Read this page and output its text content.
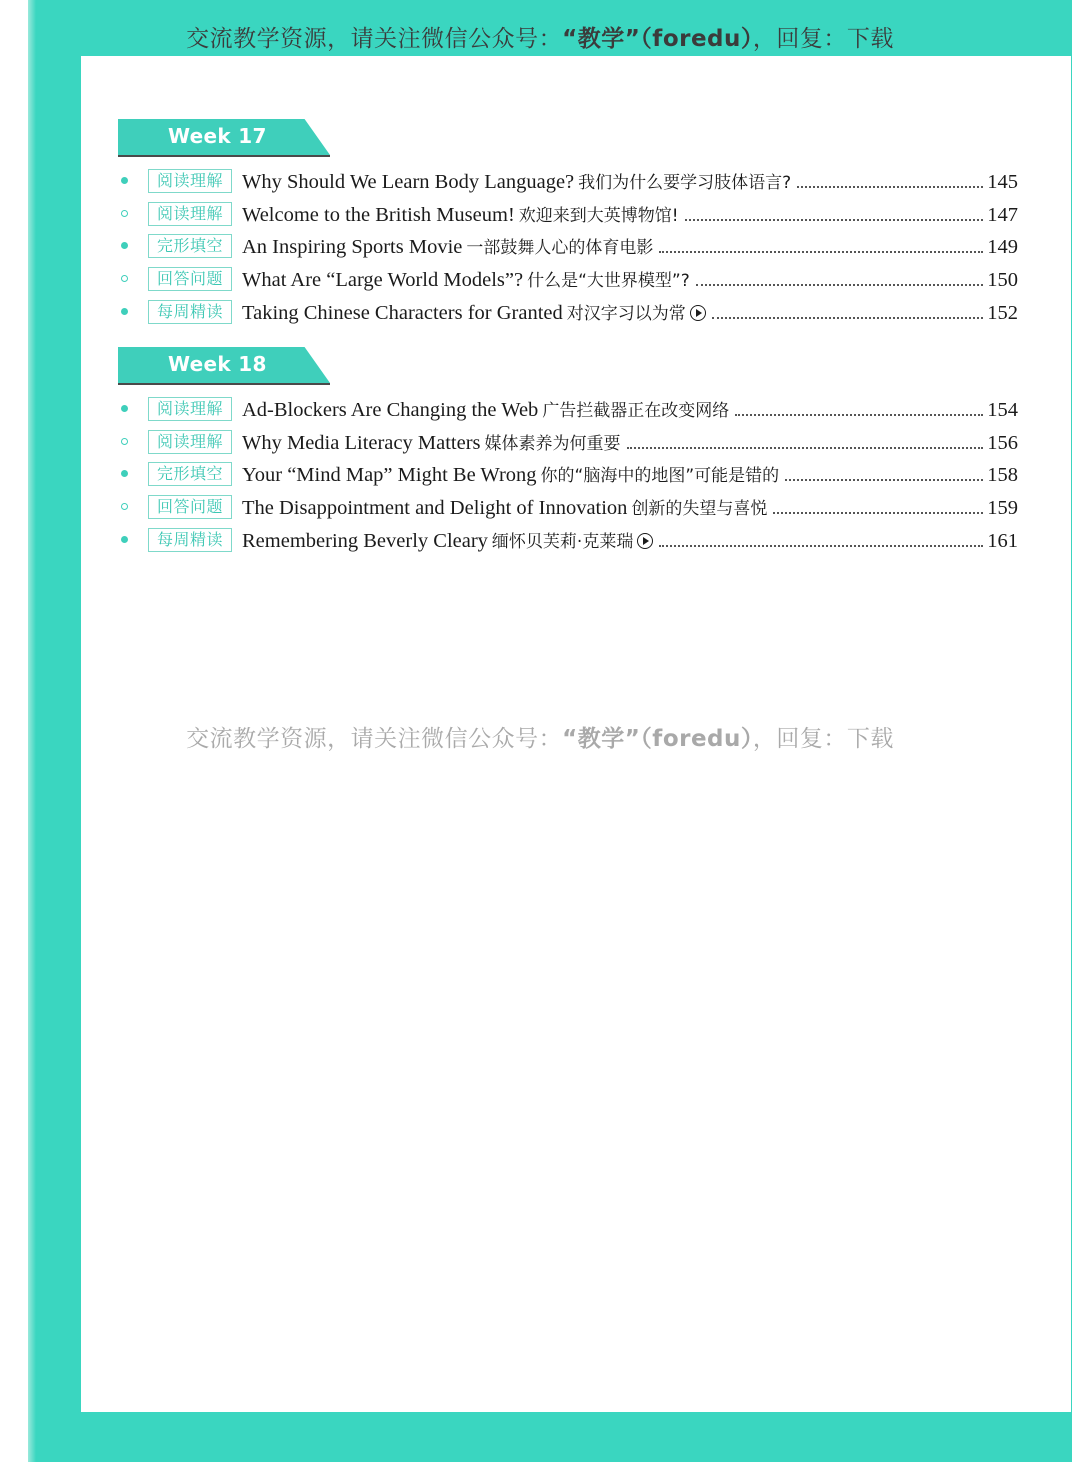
交流教学资源，请关注微信公众号：“教学”（foredu），回复：下载
Week 17
阅读理解 Why Should We Learn Body Language? 我们为什么要学习肢体语言?	145
阅读理解 Welcome to the British Museum! 欢迎来到大英博物馆!	147
完形填空 An Inspiring Sports Movie 一部鼓舞人心的体育电影	149
回答问题 What Are “Large World Models”? 什么是“大世界模型”?	150
每周精读 Taking Chinese Characters for Granted 对汉字习以为常	152
Week 18
阅读理解 Ad-Blockers Are Changing the Web 广告拦截器正在改变网络	154
阅读理解 Why Media Literacy Matters 媒体素养为何重要	156
完形填空 Your “Mind Map” Might Be Wrong 你的“脑海中的地图”可能是错的	158
回答问题 The Disappointment and Delight of Innovation 创新的失望与喜悦	159
每周精读 Remembering Beverly Cleary 缅怀贝芙莉·克莱瑞	161
交流教学资源，请关注微信公众号：“教学”（foredu），回复：下载
